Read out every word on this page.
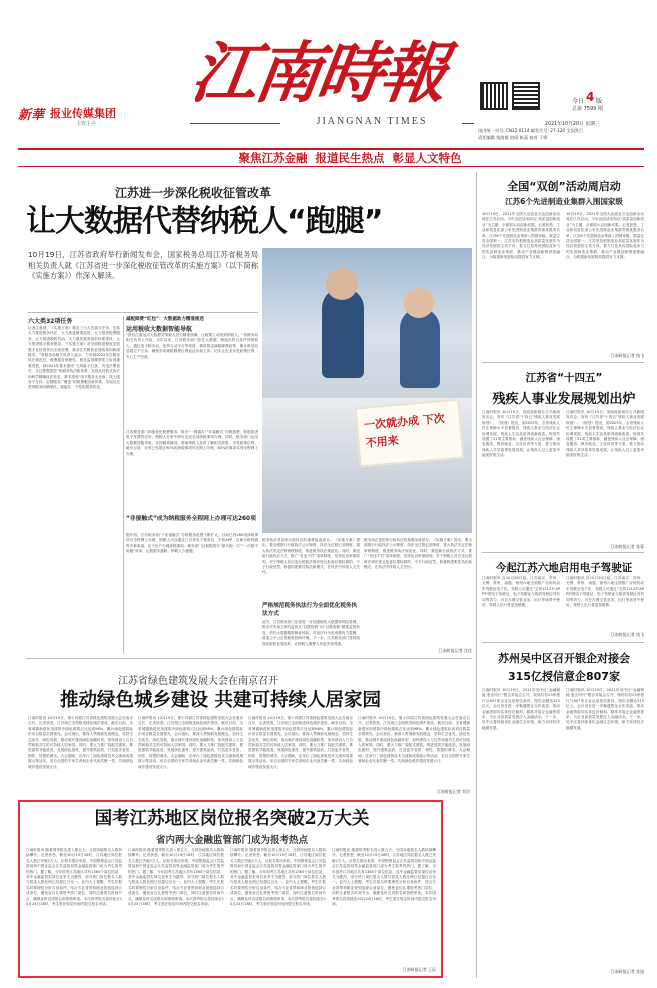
新華 报业传媒集团
主管主办
江南時報
JIANGNAN TIMES
今日 4 版
总第 7599 期
国内统一刊号: CN32-0114 邮发代号: 27-120 全国发行
责任编辑 钱海霞 值班 陈菡 校对 于铮
2021年10月20日 星期三
聚焦江苏金融  报道民生热点  彰显人文特色
江苏进一步深化税收征管改革
让大数据代替纳税人“跑腿”
10月19日，江苏省政府举行新闻发布会，国家税务总局江苏省税务局相关负责人就《江苏省进一步深化税收征管改革的实施方案》（以下简称《实施方案》）作深入解读。
一次就办成 下次不用来
六大类32项任务
记者注意到，《实施方案》推出了六大类重点任务，包括大力推进税务执法、大力推进精准监管、大力推进税费服务、大力推进税收共治、大力强化税务组织体系建设、大力推进数字税务建设。“《实施方案》对全面推进税收征管数字化转型作出全面部署，推动江苏税收征管改革向纵深推进。”省税务局相关负责人表示，力争到2022年在税务执法规范性、税费服务便捷性、税务监管精准性上取得重要进展，到2023年基本建成“无风险不打扰、有违法要追究、全过程强智控”的税务执法新体系，实现从经验式执法向科学精确执法转变；基本建成“线下服务无死角、线上服务不打烊、定制服务广覆盖”的税费服务新体系，实现从无差别服务向精细化、智能化、个性化服务转变。
减税降费“红包”：大数据助力精准推送
运用税收大数据智能导航
“我们注重运用大数据对纳税人进行精准画像，让政策主动找到纳税人。”省税务局相关负责人介绍，今年以来，江苏税务部门依托大数据，筛选出符合条件的纳税人，通过电子税务局、征纳互动平台等渠道，精准推送减税降费政策，累计推送信息超过千万条，确保各项减税降费红利直达市场主体，切实让企业享受政策红利、专心生产经营。
江苏税务部门持续优化税费服务，推出“一网通办”“非接触式”办税缴费，积极推进电子发票的应用，纳税人在家中即可完成全部涉税事项办理。同时，税务部门运用大数据智能导航，实现精准辅导，帮助纳税人及时了解相关政策，享受政策红利。截至目前，全省已有超过90%的涉税事项可在网上办理，80%的事项实现全程网上办理。
“非接触式”成为纳税服务全程网上办理可达260项
据介绍，江苏税务部门“非接触式”办税服务范围不断扩大，目前已有260项涉税事项可全程网上办理，纳税人可以通过江苏省电子税务局、手机APP、自助办税终端等多种渠道，足不出户办理涉税事项。税务部门还积极推行“最多跑一次”“一次都不用跑”清单，让数据多跑路、纳税人少跑腿。
税务执法是国家行政执法的重要组成部分。《实施方案》提出，要全面推行行政执法公示制度、执法全过程记录制度、重大执法决定法制审核制度，推进税务执法规范化。同时，要创新行政执法方式，推广“首违不罚”清单制度，坚持包容审慎原则，对于纳税人首次违反税收法律法规且危害后果轻微的，不予行政处罚，积极构建柔性执法新模式，在执法中体现人文关怀。
严格规范税务执法行为全面优化税务执法方式
此外，江苏税务部门还将进一步加强税收大数据和风险管理，推动对市场主体的监管从“以票管税”向“以数治税”精准监管转变，依托大数据精准筛查风险，对违法行为形成强有力震慑，营造公平公正的税收营商环境。下一步，江苏税务部门将持续深化税收征管改革，让纳税人缴费人有更多获得感。
税务执法是国家行政执法的重要组成部分。《实施方案》提出，要全面推行行政执法公示制度、执法全过程记录制度、重大执法决定法制审核制度，推进税务执法规范化。同时，要创新行政执法方式，推广“首违不罚”清单制度，坚持包容审慎原则，对于纳税人首次违反税收法律法规且危害后果轻微的，不予行政处罚，积极构建柔性执法新模式，在执法中体现人文关怀。
江南时报记者 沈佳
江苏省绿色建筑发展大会在南京召开
推动绿色城乡建设 共建可持续人居家园
江南时报讯 10月19日，第十四届江苏省绿色建筑发展大会在南京召开，记者获悉，江苏现已全面推进绿色城乡建设，截至目前，全省城镇新建民用建筑中绿色建筑占比达到98%，累计绿色建筑标识项目数量全国领先。会议指出，要深入贯彻新发展理念，坚持生态优先、绿色发展，推动城乡建设绿色低碳转型，加快建设人与自然和谐共生的可持续人居家园。同时，要大力推广装配式建筑，推进建筑节能改造，发展绿色建材，提升建筑品质，打造更多宜居、韧性、智慧的城市。大会期间，还举行了绿色建筑技术交流和成果展示等活动，来自全国的专家学者和企业代表共聚一堂，共商绿色城乡建设发展大计。
江南时报讯 10月19日，第十四届江苏省绿色建筑发展大会在南京召开，记者获悉，江苏现已全面推进绿色城乡建设，截至目前，全省城镇新建民用建筑中绿色建筑占比达到98%，累计绿色建筑标识项目数量全国领先。会议指出，要深入贯彻新发展理念，坚持生态优先、绿色发展，推动城乡建设绿色低碳转型，加快建设人与自然和谐共生的可持续人居家园。同时，要大力推广装配式建筑，推进建筑节能改造，发展绿色建材，提升建筑品质，打造更多宜居、韧性、智慧的城市。大会期间，还举行了绿色建筑技术交流和成果展示等活动，来自全国的专家学者和企业代表共聚一堂，共商绿色城乡建设发展大计。
江南时报讯 10月19日，第十四届江苏省绿色建筑发展大会在南京召开，记者获悉，江苏现已全面推进绿色城乡建设，截至目前，全省城镇新建民用建筑中绿色建筑占比达到98%，累计绿色建筑标识项目数量全国领先。会议指出，要深入贯彻新发展理念，坚持生态优先、绿色发展，推动城乡建设绿色低碳转型，加快建设人与自然和谐共生的可持续人居家园。同时，要大力推广装配式建筑，推进建筑节能改造，发展绿色建材，提升建筑品质，打造更多宜居、韧性、智慧的城市。大会期间，还举行了绿色建筑技术交流和成果展示等活动，来自全国的专家学者和企业代表共聚一堂，共商绿色城乡建设发展大计。
江南时报讯 10月19日，第十四届江苏省绿色建筑发展大会在南京召开，记者获悉，江苏现已全面推进绿色城乡建设，截至目前，全省城镇新建民用建筑中绿色建筑占比达到98%，累计绿色建筑标识项目数量全国领先。会议指出，要深入贯彻新发展理念，坚持生态优先、绿色发展，推动城乡建设绿色低碳转型，加快建设人与自然和谐共生的可持续人居家园。同时，要大力推广装配式建筑，推进建筑节能改造，发展绿色建材，提升建筑品质，打造更多宜居、韧性、智慧的城市。大会期间，还举行了绿色建筑技术交流和成果展示等活动，来自全国的专家学者和企业代表共聚一堂，共商绿色城乡建设发展大计。
江南时报记者 刘学
国考江苏地区岗位报名突破2万大关
省内两大金融监管部门成为报考热点
江南时报讯 随着国考报名进入第五天，全国各地报名人数持续攀升。记者获悉，截至10月19日16时，江苏地区岗位报名人数已突破2万人。从报名情况来看，中国银保监会江苏监管局和中国证监会江苏监管局等金融监管部门成为考生报考的热门。据了解，今年国考江苏地区共有1365个岗位招录，其中金融监管类岗位竞争尤为激烈，部分热门岗位报名人数与招录人数比例已经超过百比一。业内人士提醒，考生在报名时要理性分析自身条件，结合专业背景和职业规划选择合适岗位，避免盲目扎堆报考热门岗位，同时注意报名时间节点，确保及时完成报名和资格审查。本次国考报名将持续至10月24日18时，考生需在规定时间内提交报名申请。
江南时报讯 随着国考报名进入第五天，全国各地报名人数持续攀升。记者获悉，截至10月19日16时，江苏地区岗位报名人数已突破2万人。从报名情况来看，中国银保监会江苏监管局和中国证监会江苏监管局等金融监管部门成为考生报考的热门。据了解，今年国考江苏地区共有1365个岗位招录，其中金融监管类岗位竞争尤为激烈，部分热门岗位报名人数与招录人数比例已经超过百比一。业内人士提醒，考生在报名时要理性分析自身条件，结合专业背景和职业规划选择合适岗位，避免盲目扎堆报考热门岗位，同时注意报名时间节点，确保及时完成报名和资格审查。本次国考报名将持续至10月24日18时，考生需在规定时间内提交报名申请。
江南时报讯 随着国考报名进入第五天，全国各地报名人数持续攀升。记者获悉，截至10月19日16时，江苏地区岗位报名人数已突破2万人。从报名情况来看，中国银保监会江苏监管局和中国证监会江苏监管局等金融监管部门成为考生报考的热门。据了解，今年国考江苏地区共有1365个岗位招录，其中金融监管类岗位竞争尤为激烈，部分热门岗位报名人数与招录人数比例已经超过百比一。业内人士提醒，考生在报名时要理性分析自身条件，结合专业背景和职业规划选择合适岗位，避免盲目扎堆报考热门岗位，同时注意报名时间节点，确保及时完成报名和资格审查。本次国考报名将持续至10月24日18时，考生需在规定时间内提交报名申请。
江南时报讯 随着国考报名进入第五天，全国各地报名人数持续攀升。记者获悉，截至10月19日16时，江苏地区岗位报名人数已突破2万人。从报名情况来看，中国银保监会江苏监管局和中国证监会江苏监管局等金融监管部门成为考生报考的热门。据了解，今年国考江苏地区共有1365个岗位招录，其中金融监管类岗位竞争尤为激烈，部分热门岗位报名人数与招录人数比例已经超过百比一。业内人士提醒，考生在报名时要理性分析自身条件，结合专业背景和职业规划选择合适岗位，避免盲目扎堆报考热门岗位，同时注意报名时间节点，确保及时完成报名和资格审查。本次国考报名将持续至10月24日18时，考生需在规定时间内提交报名申请。
江南时报记者 王辰
全国“双创”活动周启动
江苏6个先进制造业集群入围国家级
10月19日，2021年全国大众创业万众创新活动周在江苏启动。今年双创活动周以“高质量创新创业”为主题，全面展示双创新成果。记者获悉，工业和信息化部公布先进制造业集群决赛优胜者名单，江苏6个先进制造业集群入围国家级，数量位居全国第一。江苏坚持把制造业高质量发展作为经济发展的主攻方向，着力打造具有国际竞争力的先进制造业集群，推动产业链创新链深度融合，为构建新发展格局提供有力支撑。
10月19日，2021年全国大众创业万众创新活动周在江苏启动。今年双创活动周以“高质量创新创业”为主题，全面展示双创新成果。记者获悉，工业和信息化部公布先进制造业集群决赛优胜者名单，江苏6个先进制造业集群入围国家级，数量位居全国第一。江苏坚持把制造业高质量发展作为经济发展的主攻方向，着力打造具有国际竞争力的先进制造业集群，推动产业链创新链深度融合，为构建新发展格局提供有力支撑。
江南时报记者 钱飞
江苏省“十四五”
残疾人事业发展规划出炉
江南时报讯 10月19日，省政府新闻办召开新闻发布会，发布《江苏省“十四五”残疾人事业发展规划》。《规划》提出，到2025年，全省残疾人民生保障水平显著提高，残疾人事业与经济社会协调发展，残疾人生活品质得到新改善。规划共设置了21项主要指标，涵盖残疾人社会保障、康复服务、教育就业、文化体育等方面，着力推动残疾人共享改革发展成果，让残疾人过上更加幸福美好的生活。
江南时报讯 10月19日，省政府新闻办召开新闻发布会，发布《江苏省“十四五”残疾人事业发展规划》。《规划》提出，到2025年，全省残疾人民生保障水平显著提高，残疾人事业与经济社会协调发展，残疾人生活品质得到新改善。规划共设置了21项主要指标，涵盖残疾人社会保障、康复服务、教育就业、文化体育等方面，着力推动残疾人共享改革发展成果，让残疾人过上更加幸福美好的生活。
江南时报记者 张蓉
今起江苏六地启用电子驾驶证
江南时报讯 自10月20日起，江苏南京、苏州、无锡、常州、南通、徐州六地全面推广应用机动车驾驶证电子化。驾驶人可通过“交管12123”APP申领电子驾驶证，电子驾驶证与纸质驾驶证具有同等效力，可在办理交管业务、出行等场景中使用，驾驶人出行将更加便捷。
江南时报讯 自10月20日起，江苏南京、苏州、无锡、常州、南通、徐州六地全面推广应用机动车驾驶证电子化。驾驶人可通过“交管12123”APP申领电子驾驶证，电子驾驶证与纸质驾驶证具有同等效力，可在办理交管业务、出行等场景中使用，驾驶人出行将更加便捷。
江南时报记者 钱飞
苏州吴中区召开银企对接会
315亿授信意企807家
江南时报讯 10月19日，2021年吴中区“金融赋能·惠企同行”银企对接会召开，现场共有23家银行与807家企业达成授信意向，授信金额达315亿元。会议旨在进一步畅通银企合作渠道，推动金融资源向实体经济倾斜，精准对接企业融资需求，为企业高质量发展注入金融活水。下一步，吴中区将持续优化金融生态环境，助力实体经济稳健发展。
江南时报讯 10月19日，2021年吴中区“金融赋能·惠企同行”银企对接会召开，现场共有23家银行与807家企业达成授信意向，授信金额达315亿元。会议旨在进一步畅通银企合作渠道，推动金融资源向实体经济倾斜，精准对接企业融资需求，为企业高质量发展注入金融活水。下一步，吴中区将持续优化金融生态环境，助力实体经济稳健发展。
江南时报记者 苏旭
